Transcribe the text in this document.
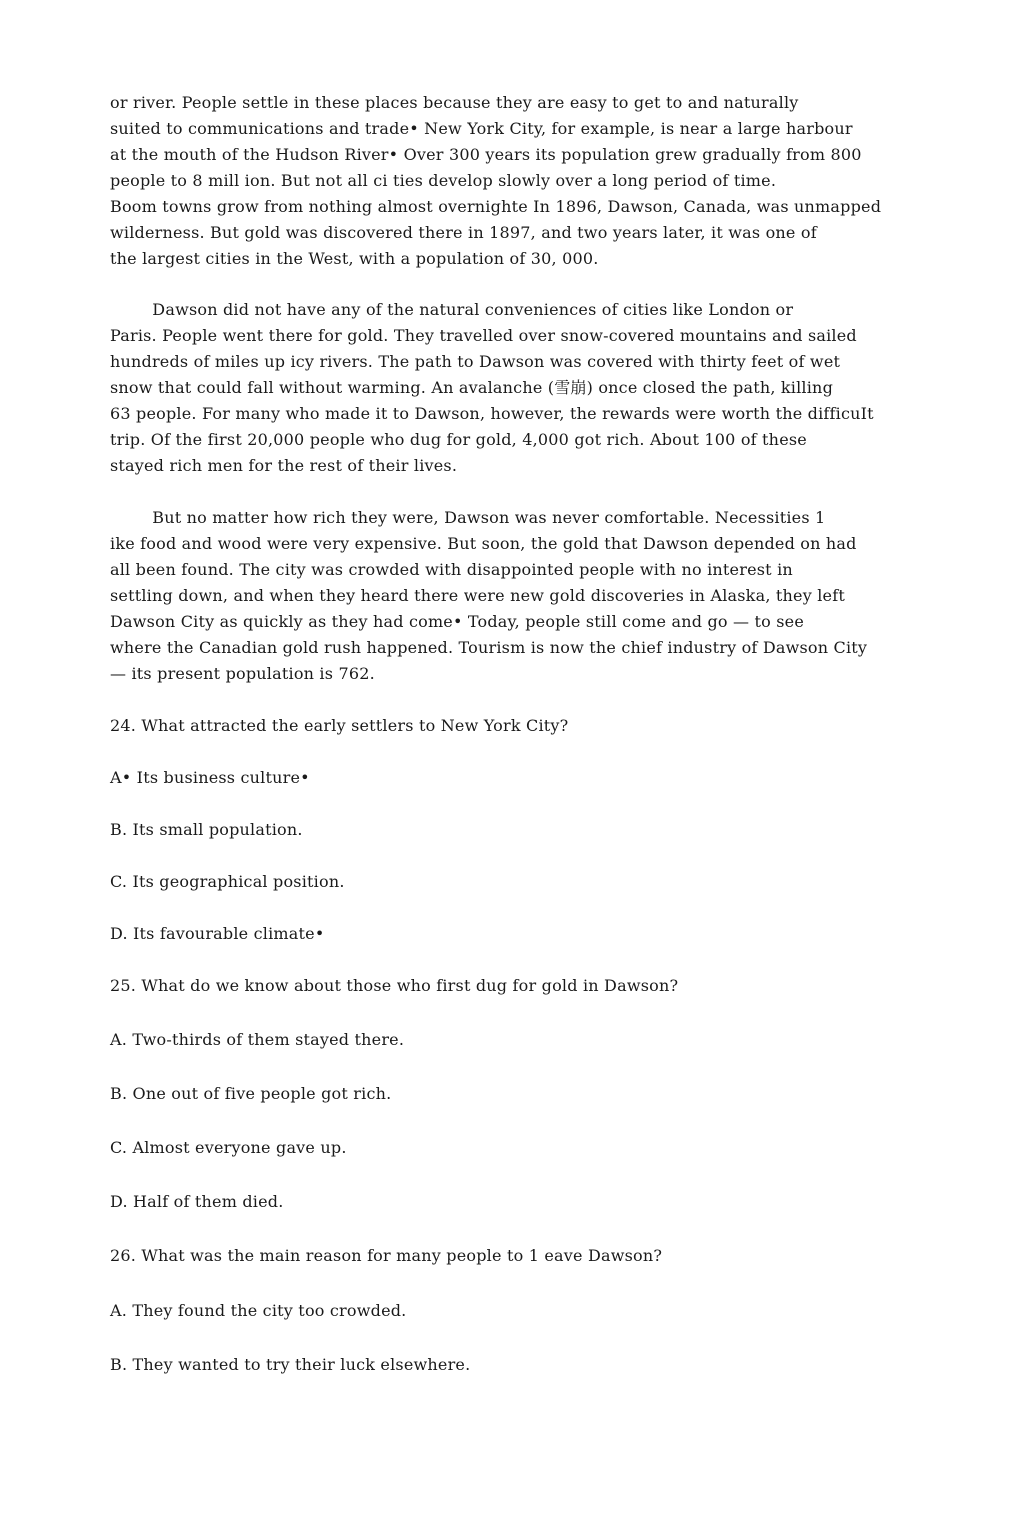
or river. People settle in these places because they are easy to get to and naturally
suited to communications and trade• New York City, for example, is near a large harbour
at the mouth of the Hudson River• Over 300 years its population grew gradually from 800
people to 8 mill ion. But not all ci ties develop slowly over a long period of time.
Boom towns grow from nothing almost overnighte In 1896, Dawson, Canada, was unmapped
wilderness. But gold was discovered there in 1897, and two years later, it was one of
the largest cities in the West, with a population of 30, 000.

Dawson did not have any of the natural conveniences of cities like London or
Paris. People went there for gold. They travelled over snow-covered mountains and sailed
hundreds of miles up icy rivers. The path to Dawson was covered with thirty feet of wet
snow that could fall without warming. An avalanche (雪崩) once closed the path, killing
63 people. For many who made it to Dawson, however, the rewards were worth the difficuIt
trip. Of the first 20,000 people who dug for gold, 4,000 got rich. About 100 of these
stayed rich men for the rest of their lives.

But no matter how rich they were, Dawson was never comfortable. Necessities 1
ike food and wood were very expensive. But soon, the gold that Dawson depended on had
all been found. The city was crowded with disappointed people with no interest in
settling down, and when they heard there were new gold discoveries in Alaska, they left
Dawson City as quickly as they had come• Today, people still come and go — to see
where the Canadian gold rush happened. Tourism is now the chief industry of Dawson City
— its present population is 762.

24. What attracted the early settlers to New York City?

A• Its business culture•

B. Its small population.

C. Its geographical position.

D. Its favourable climate•

25. What do we know about those who first dug for gold in Dawson?

A. Two-thirds of them stayed there.

B. One out of five people got rich.

C. Almost everyone gave up.

D. Half of them died.

26. What was the main reason for many people to 1 eave Dawson?

A. They found the city too crowded.

B. They wanted to try their luck elsewhere.
